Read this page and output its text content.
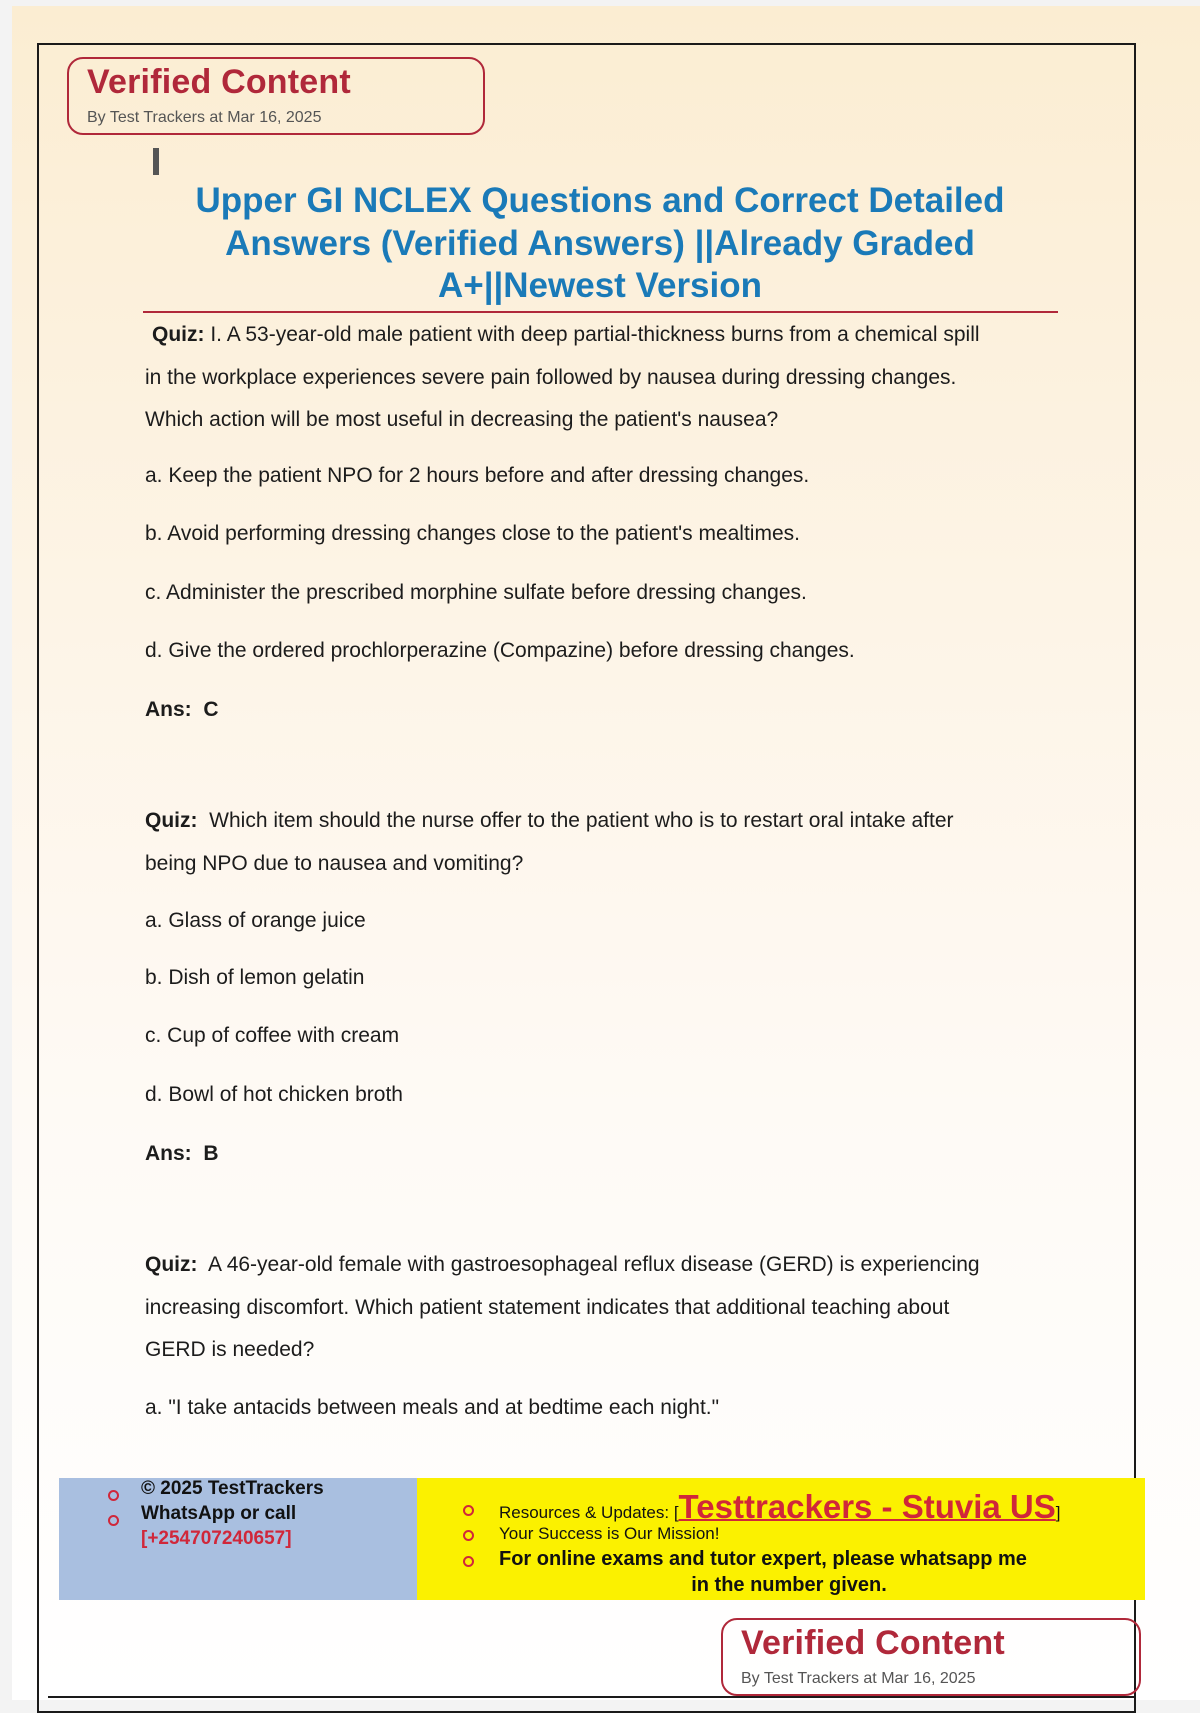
Verified Content
By Test Trackers at Mar 16, 2025
Upper GI NCLEX Questions and Correct Detailed
Answers (Verified Answers) ||Already Graded
A+||Newest Version
Quiz: I. A 53-year-old male patient with deep partial-thickness burns from a chemical spill
in the workplace experiences severe pain followed by nausea during dressing changes.
Which action will be most useful in decreasing the patient's nausea?
a. Keep the patient NPO for 2 hours before and after dressing changes.
b. Avoid performing dressing changes close to the patient's mealtimes.
c. Administer the prescribed morphine sulfate before dressing changes.
d. Give the ordered prochlorperazine (Compazine) before dressing changes.
Ans: C
Quiz: Which item should the nurse offer to the patient who is to restart oral intake after
being NPO due to nausea and vomiting?
a. Glass of orange juice
b. Dish of lemon gelatin
c. Cup of coffee with cream
d. Bowl of hot chicken broth
Ans: B
Quiz: A 46-year-old female with gastroesophageal reflux disease (GERD) is experiencing
increasing discomfort. Which patient statement indicates that additional teaching about
GERD is needed?
a. "I take antacids between meals and at bedtime each night."
© 2025 TestTrackers
WhatsApp or call
[+254707240657]
Resources & Updates: [Testtrackers - Stuvia US]
Your Success is Our Mission!
For online exams and tutor expert, please whatsapp me
in the number given.
Verified Content
By Test Trackers at Mar 16, 2025
